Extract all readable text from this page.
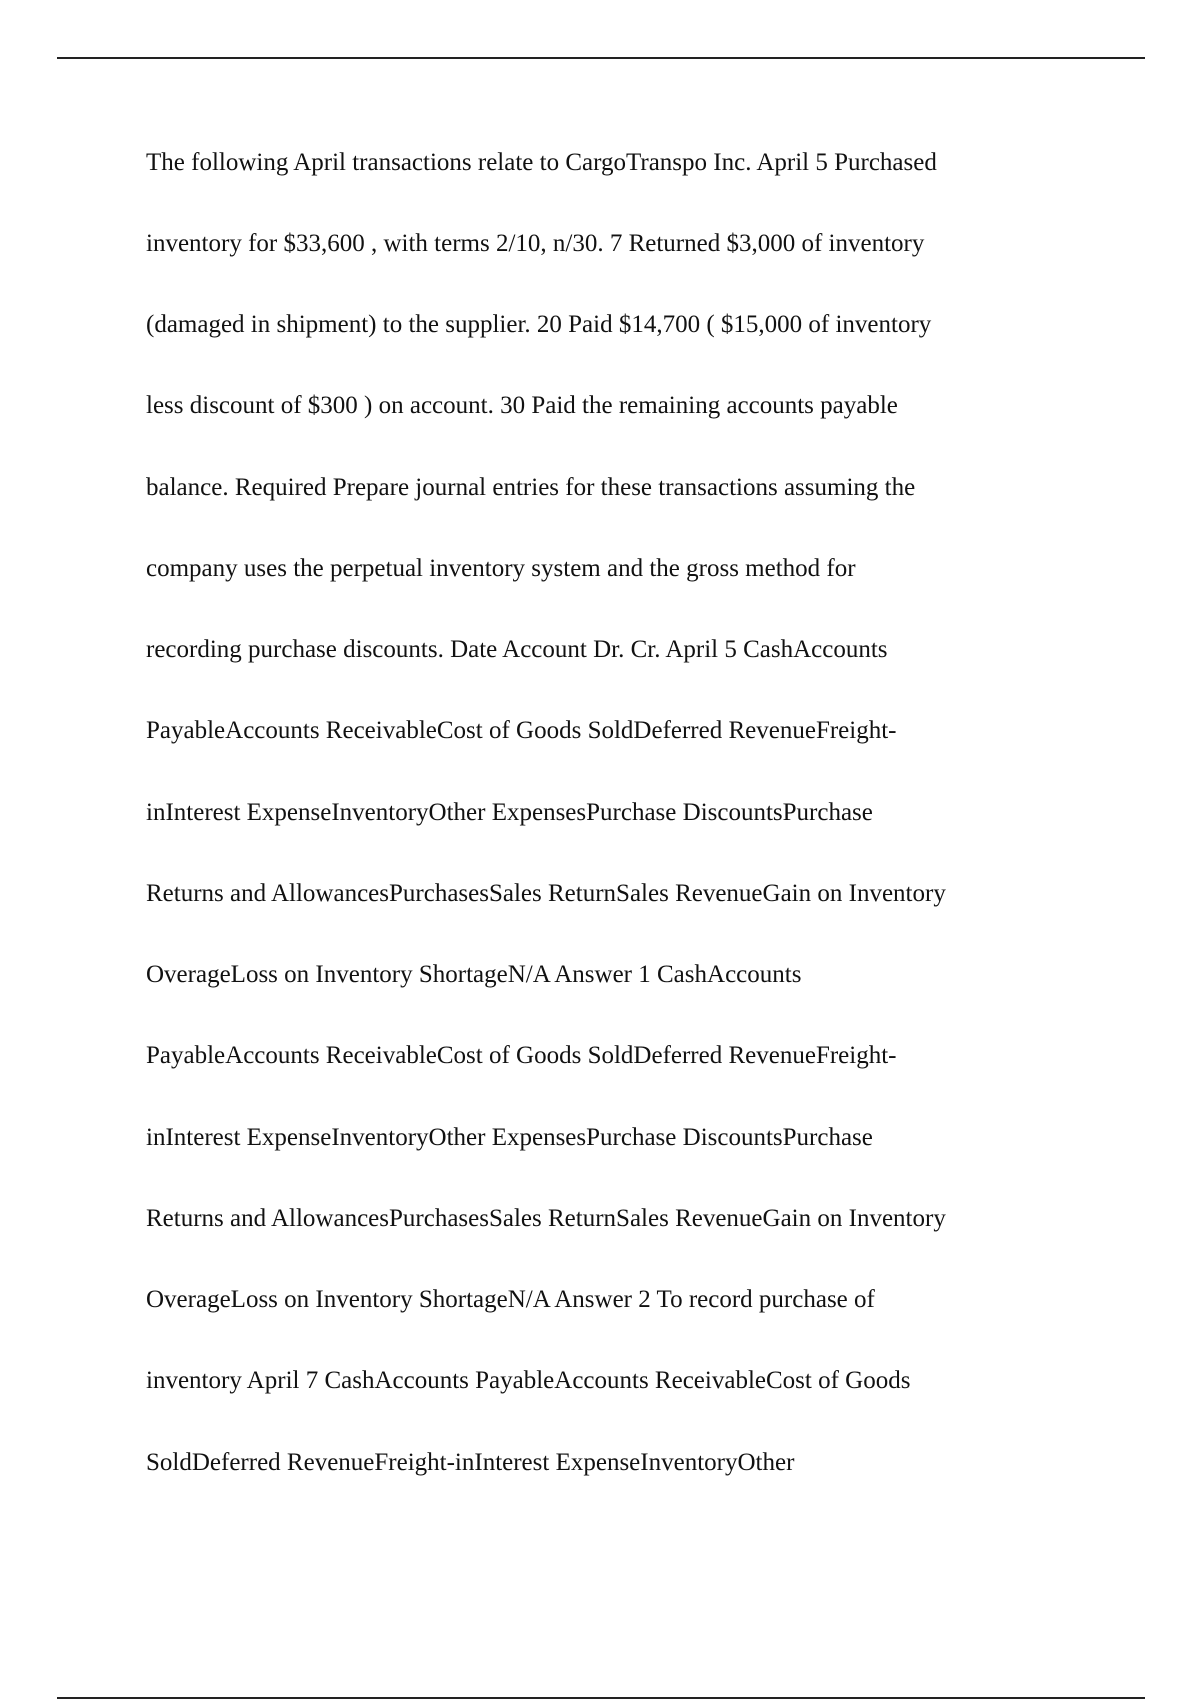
The following April transactions relate to CargoTranspo Inc. April 5 Purchased

inventory for $33,600 , with terms 2/10, n/30. 7 Returned $3,000 of inventory

(damaged in shipment) to the supplier. 20 Paid $14,700 ( $15,000 of inventory

less discount of $300 ) on account. 30 Paid the remaining accounts payable

balance. Required Prepare journal entries for these transactions assuming the

company uses the perpetual inventory system and the gross method for

recording purchase discounts. Date Account Dr. Cr. April 5 CashAccounts

PayableAccounts ReceivableCost of Goods SoldDeferred RevenueFreight-

inInterest ExpenseInventoryOther ExpensesPurchase DiscountsPurchase

Returns and AllowancesPurchasesSales ReturnSales RevenueGain on Inventory

OverageLoss on Inventory ShortageN/A Answer 1 CashAccounts

PayableAccounts ReceivableCost of Goods SoldDeferred RevenueFreight-

inInterest ExpenseInventoryOther ExpensesPurchase DiscountsPurchase

Returns and AllowancesPurchasesSales ReturnSales RevenueGain on Inventory

OverageLoss on Inventory ShortageN/A Answer 2 To record purchase of

inventory April 7 CashAccounts PayableAccounts ReceivableCost of Goods

SoldDeferred RevenueFreight-inInterest ExpenseInventoryOther
